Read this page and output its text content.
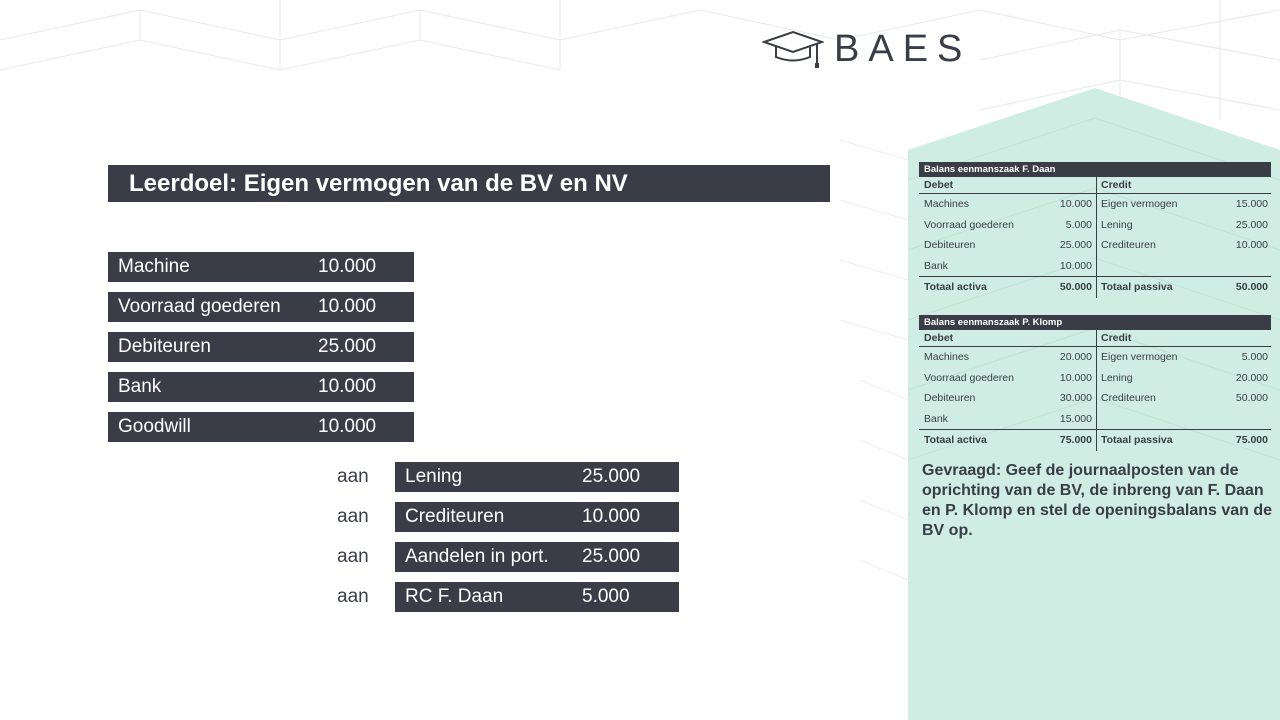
BAES
Leerdoel: Eigen vermogen van de BV en NV
Machine	10.000
Voorraad goederen 10.000
Debiteuren	25.000
Bank	10.000
Goodwill	10.000
aan Lening	25.000
aan Crediteuren	10.000
aan Aandelen in port. 25.000
aan RC F. Daan	5.000
Balans eenmanszaak F. Daan
Debet	Credit
Machines	10.000 Eigen vermogen	15.000
Voorraad goederen	5.000 Lening	25.000
Debiteuren	25.000 Crediteuren	10.000
Bank	10.000
Totaal activa	50.000 Totaal passiva	50.000
Balans eenmanszaak P. Klomp
Debet	Credit
Machines	20.000 Eigen vermogen	5.000
Voorraad goederen	10.000 Lening	20.000
Debiteuren	30.000 Crediteuren	50.000
Bank	15.000
Totaal activa	75.000 Totaal passiva	75.000
Gevraagd: Geef de journaalposten van de oprichting van de BV, de inbreng van F. Daan en P. Klomp en stel de openingsbalans van de BV op.
